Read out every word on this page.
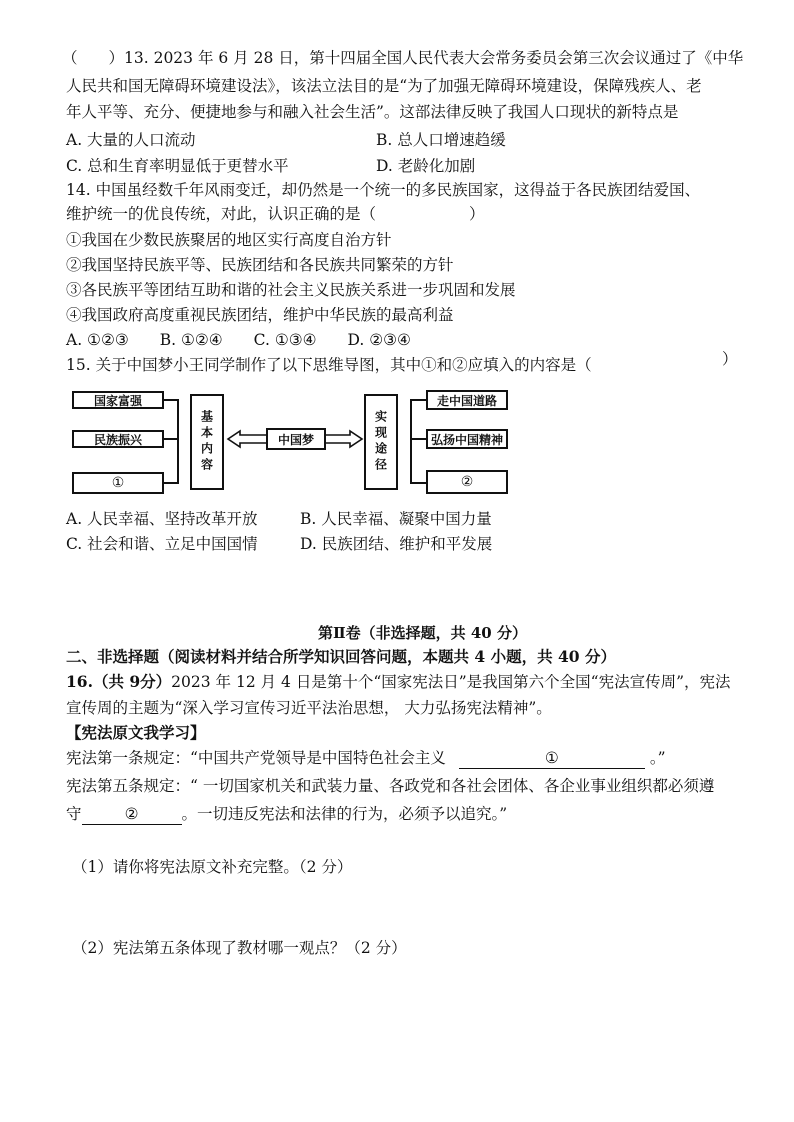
（　　）13. 2023 年 6 月 28 日，第十四届全国人民代表大会常务委员会第三次会议通过了《中华
人民共和国无障碍环境建设法》，该法立法目的是“为了加强无障碍环境建设，保障残疾人、老
年人平等、充分、便捷地参与和融入社会生活”。这部法律反映了我国人口现状的新特点是
A. 大量的人口流动	B. 总人口增速趋缓
C. 总和生育率明显低于更替水平	D. 老龄化加剧
14. 中国虽经数千年风雨变迁，却仍然是一个统一的多民族国家，这得益于各民族团结爱国、
维护统一的优良传统，对此，认识正确的是（　　　　　　）
①我国在少数民族聚居的地区实行高度自治方针
②我国坚持民族平等、民族团结和各民族共同繁荣的方针
③各民族平等团结互助和谐的社会主义民族关系进一步巩固和发展
④我国政府高度重视民族团结，维护中华民族的最高利益
A. ①②③　　B. ①②④　　C. ①③④　　D. ②③④
15. 关于中国梦小王同学制作了以下思维导图，其中①和②应填入的内容是（	）
国家富强
民族振兴
①
基本内容	中国梦	实现途径
走中国道路
弘扬中国精神
②
A. 人民幸福、坚持改革开放	B. 人民幸福、凝聚中国力量
C. 社会和谐、立足中国国情	D. 民族团结、维护和平发展
第Ⅱ卷（非选择题，共 40 分）
二、非选择题（阅读材料并结合所学知识回答问题，本题共 4 小题，共 40 分）
16.（共 9分）2023 年 12 月 4 日是第十个“国家宪法日”是我国第六个全国“宪法宣传周”，宪法
宣传周的主题为“深入学习宣传习近平法治思想， 大力弘扬宪法精神”。
【宪法原文我学习】
宪法第一条规定：“中国共产党领导是中国特色社会主义	①	。”
宪法第五条规定：“ 一切国家机关和武装力量、各政党和各社会团体、各企业事业组织都必须遵
守	②	。一切违反宪法和法律的行为，必须予以追究。”
（1）请你将宪法原文补充完整。（2 分）
（2）宪法第五条体现了教材哪一观点？（2 分）
